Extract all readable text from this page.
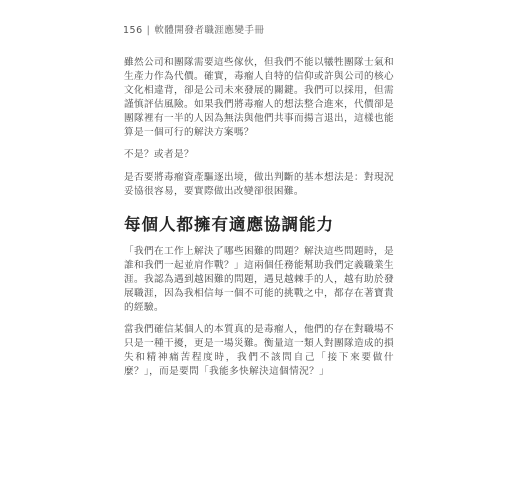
156 | 軟體開發者職涯應變手冊

雖然公司和團隊需要這些傢伙，但我們不能以犧牲團隊士氣和生產力作為代價。確實，毒瘤人自特的信仰或許與公司的核心文化相違背，卻是公司未來發展的關鍵。我們可以採用，但需謹慎評估風險。如果我們將毒瘤人的想法整合進來，代價卻是團隊裡有一半的人因為無法與他們共事而揚言退出，這樣也能算是一個可行的解決方案嗎？

不是？或者是？

是否要將毒瘤資產驅逐出境，做出判斷的基本想法是：對現況妥協很容易，要實際做出改變卻很困難。

每個人都擁有適應協調能力

「我們在工作上解決了哪些困難的問題？解決這些問題時，是誰和我們一起並肩作戰？」這兩個任務能幫助我們定義職業生涯。我認為遇到越困難的問題，遇見越棘手的人，越有助於發展職涯，因為我相信每一個不可能的挑戰之中，都存在著寶貴的經驗。

當我們確信某個人的本質真的是毒瘤人，他們的存在對職場不只是一種干擾，更是一場災難。衡量這一類人對團隊造成的損失和精神痛苦程度時，我們不該問自己「接下來要做什麼？」，而是要問「我能多快解決這個情況？」
